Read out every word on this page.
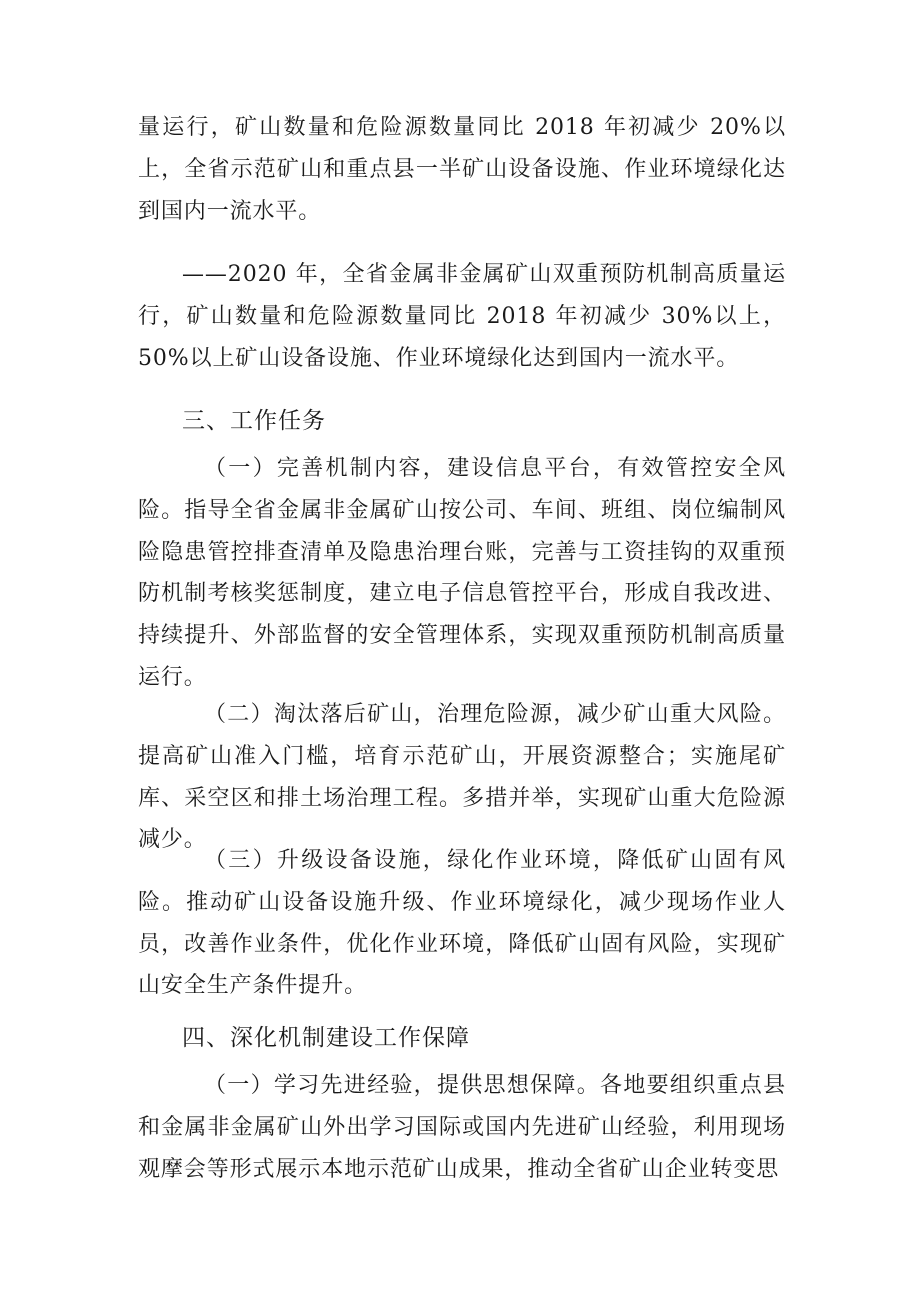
量运行，矿山数量和危险源数量同比 2018 年初减少 20%以上，全省示范矿山和重点县一半矿山设备设施、作业环境绿化达到国内一流水平。

——2020 年，全省金属非金属矿山双重预防机制高质量运行，矿山数量和危险源数量同比 2018 年初减少 30%以上，50%以上矿山设备设施、作业环境绿化达到国内一流水平。

三、工作任务

（一）完善机制内容，建设信息平台，有效管控安全风险。指导全省金属非金属矿山按公司、车间、班组、岗位编制风险隐患管控排查清单及隐患治理台账，完善与工资挂钩的双重预防机制考核奖惩制度，建立电子信息管控平台，形成自我改进、持续提升、外部监督的安全管理体系，实现双重预防机制高质量运行。

（二）淘汰落后矿山，治理危险源，减少矿山重大风险。提高矿山准入门槛，培育示范矿山，开展资源整合；实施尾矿库、采空区和排土场治理工程。多措并举，实现矿山重大危险源减少。

（三）升级设备设施，绿化作业环境，降低矿山固有风险。推动矿山设备设施升级、作业环境绿化，减少现场作业人员，改善作业条件，优化作业环境，降低矿山固有风险，实现矿山安全生产条件提升。

四、深化机制建设工作保障

（一）学习先进经验，提供思想保障。各地要组织重点县和金属非金属矿山外出学习国际或国内先进矿山经验，利用现场观摩会等形式展示本地示范矿山成果，推动全省矿山企业转变思
